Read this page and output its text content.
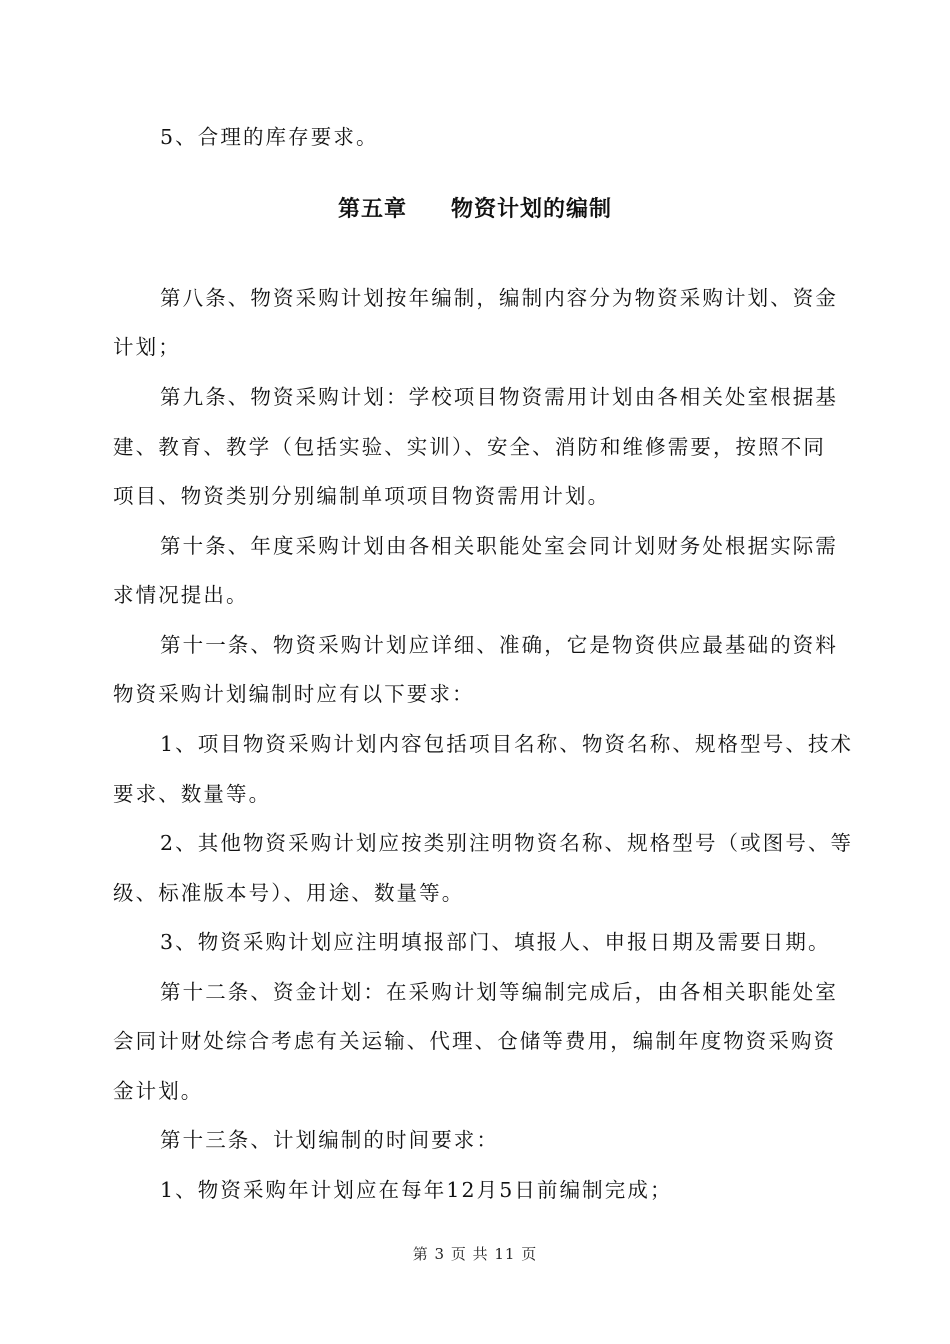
5、合理的库存要求。
第五章 物资计划的编制
第八条、物资采购计划按年编制，编制内容分为物资采购计划、资金
计划；
第九条、物资采购计划：学校项目物资需用计划由各相关处室根据基
建、教育、教学（包括实验、实训）、安全、消防和维修需要，按照不同
项目、物资类别分别编制单项项目物资需用计划。
第十条、年度采购计划由各相关职能处室会同计划财务处根据实际需
求情况提出。
第十一条、物资采购计划应详细、准确，它是物资供应最基础的资料
物资采购计划编制时应有以下要求：
1、项目物资采购计划内容包括项目名称、物资名称、规格型号、技术
要求、数量等。
2、其他物资采购计划应按类别注明物资名称、规格型号（或图号、等
级、标准版本号）、用途、数量等。
3、物资采购计划应注明填报部门、填报人、申报日期及需要日期。
第十二条、资金计划：在采购计划等编制完成后，由各相关职能处室
会同计财处综合考虑有关运输、代理、仓储等费用，编制年度物资采购资
金计划。
第十三条、计划编制的时间要求：
1、物资采购年计划应在每年12月5日前编制完成；
第 3 页 共 11 页
